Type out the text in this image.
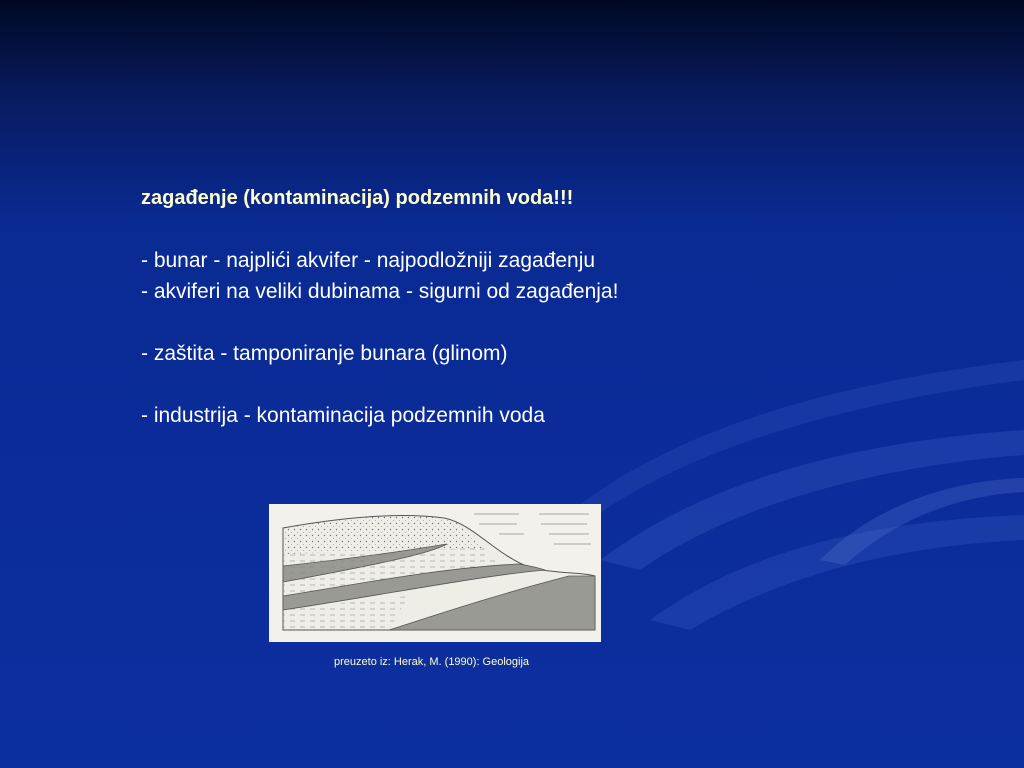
zagađenje (kontaminacija) podzemnih voda!!!

- bunar - najplići akvifer - najpodložniji zagađenju

- akviferi na veliki dubinama - sigurni od zagađenja!

- zaštita - tamponiranje bunara (glinom)

- industrija - kontaminacija podzemnih voda

preuzeto iz: Herak, M. (1990): Geologija
